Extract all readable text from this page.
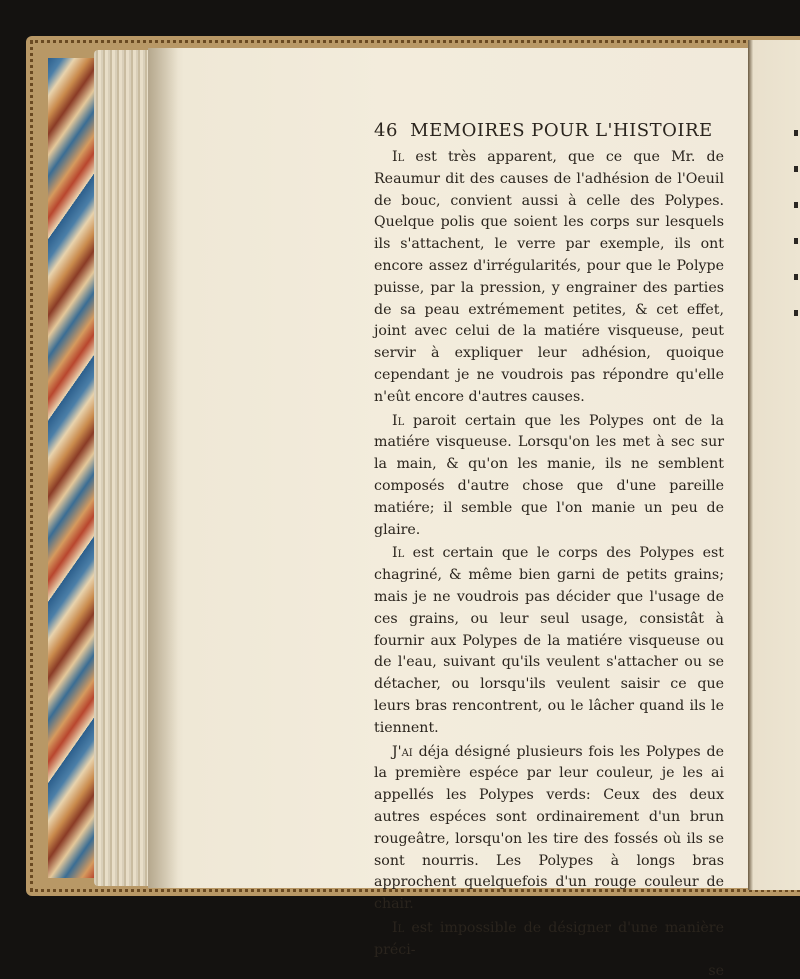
46 MEMOIRES POUR L'HISTOIRE

Il est très apparent, que ce que Mr. de Reaumur dit des causes de l'adhésion de l'Oeuil de bouc, convient aussi à celle des Polypes. Quelque polis que soient les corps sur lesquels ils s'attachent, le verre par exemple, ils ont encore assez d'irrégularités, pour que le Polype puisse, par la pression, y engrainer des parties de sa peau extrémement petites, & cet effet, joint avec celui de la matiére visqueuse, peut servir à expliquer leur adhésion, quoique cependant je ne voudrois pas répondre qu'elle n'eût encore d'autres causes.

Il paroit certain que les Polypes ont de la matiére visqueuse. Lorsqu'on les met à sec sur la main, & qu'on les manie, ils ne semblent composés d'autre chose que d'une pareille matiére; il semble que l'on manie un peu de glaire.

Il est certain que le corps des Polypes est chagriné, & même bien garni de petits grains; mais je ne voudrois pas décider que l'usage de ces grains, ou leur seul usage, consistât à fournir aux Polypes de la matiére visqueuse ou de l'eau, suivant qu'ils veulent s'attacher ou se détacher, ou lorsqu'ils veulent saisir ce que leurs bras rencontrent, ou le lâcher quand ils le tiennent.

J'ai déja désigné plusieurs fois les Polypes de la première espéce par leur couleur, je les ai appellés les Polypes verds: Ceux des deux autres espéces sont ordinairement d'un brun rougeâtre, lorsqu'on les tire des fossés où ils se sont nourris. Les Polypes à longs bras approchent quelquefois d'un rouge couleur de chair.

Il est impossible de désigner d'une manière préci-

se
